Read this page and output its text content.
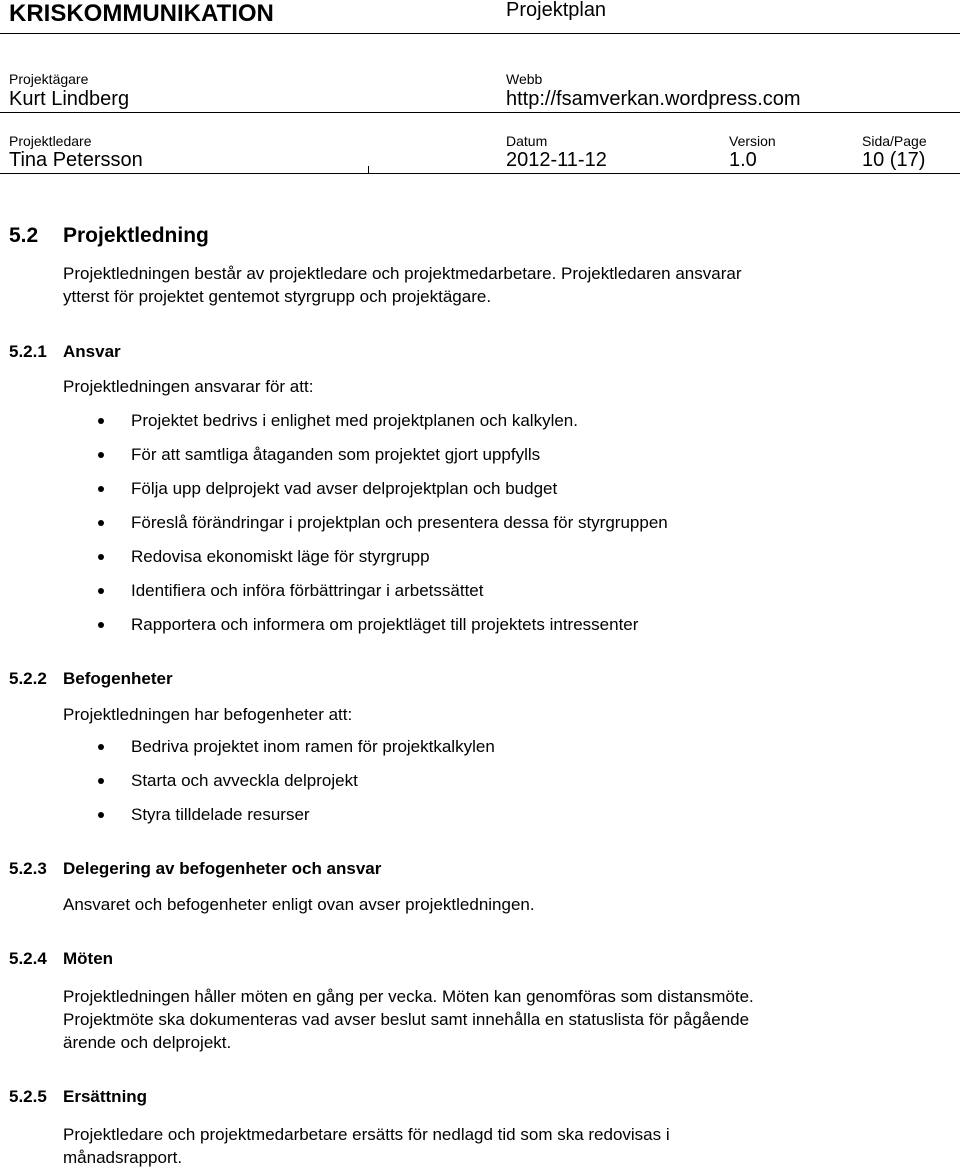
KRISKOMMUNIKATION	Projektplan
Projektägare
Kurt Lindberg
Webb
http://fsamverkan.wordpress.com
Projektledare
Tina Petersson
Datum
2012-11-12
Version
1.0
Sida/Page
10 (17)
5.2 Projektledning
Projektledningen består av projektledare och projektmedarbetare. Projektledaren ansvarar
ytterst för projektet gentemot styrgrupp och projektägare.
5.2.1 Ansvar
Projektledningen ansvarar för att:
Projektet bedrivs i enlighet med projektplanen och kalkylen.
För att samtliga åtaganden som projektet gjort uppfylls
Följa upp delprojekt vad avser delprojektplan och budget
Föreslå förändringar i projektplan och presentera dessa för styrgruppen
Redovisa ekonomiskt läge för styrgrupp
Identifiera och införa förbättringar i arbetssättet
Rapportera och informera om projektläget till projektets intressenter
5.2.2 Befogenheter
Projektledningen har befogenheter att:
Bedriva projektet inom ramen för projektkalkylen
Starta och avveckla delprojekt
Styra tilldelade resurser
5.2.3 Delegering av befogenheter och ansvar
Ansvaret och befogenheter enligt ovan avser projektledningen.
5.2.4 Möten
Projektledningen håller möten en gång per vecka. Möten kan genomföras som distansmöte.
Projektmöte ska dokumenteras vad avser beslut samt innehålla en statuslista för pågående
ärende och delprojekt.
5.2.5 Ersättning
Projektledare och projektmedarbetare ersätts för nedlagd tid som ska redovisas i
månadsrapport.
